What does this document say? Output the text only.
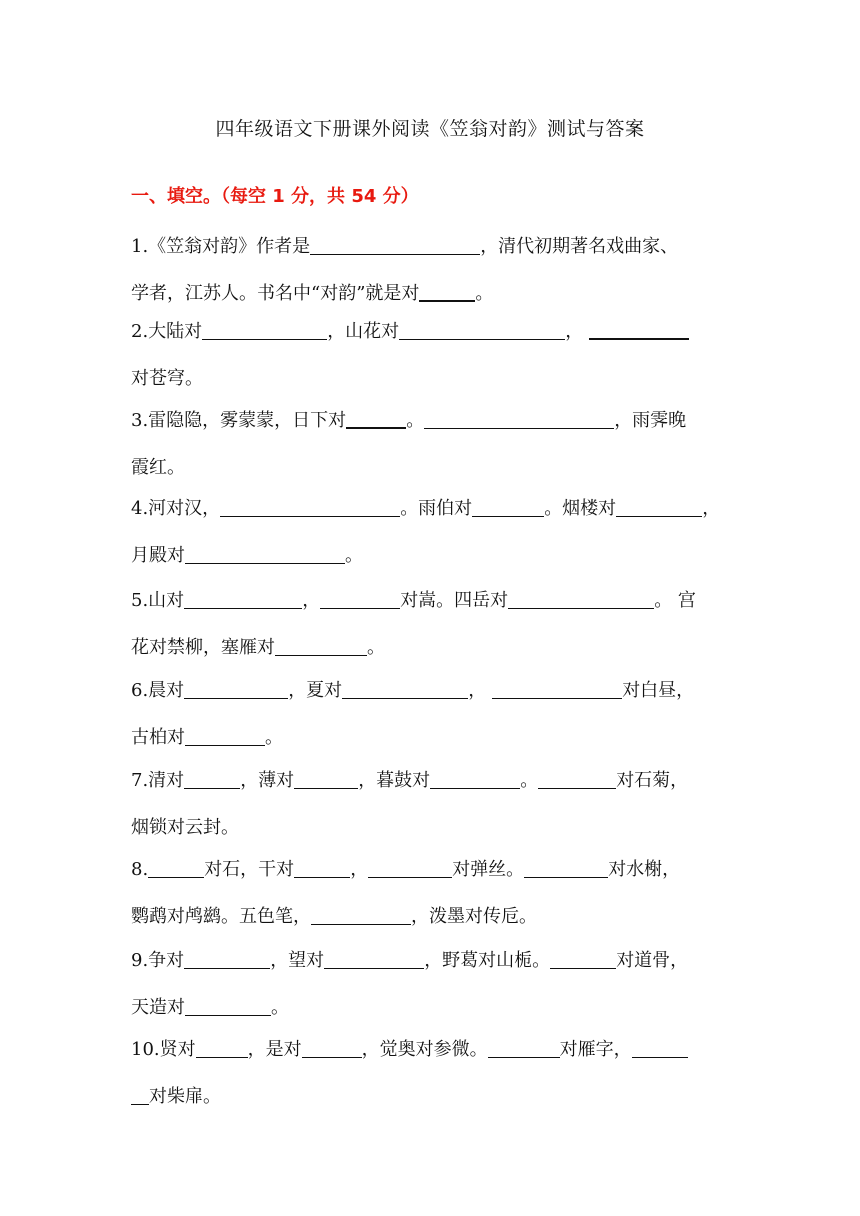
四年级语文下册课外阅读《笠翁对韵》测试与答案
一、填空。（每空 1 分，共 54 分）
1.《笠翁对韵》作者是	，清代初期著名戏曲家、
学者，江苏人。书名中“对韵”就是对	。
2.大陆对	，山花对	，
对苍穹。
3.雷隐隐，雾蒙蒙，日下对	。	，雨霁晚
霞红。
4.河对汉，	。雨伯对	。烟楼对	，
月殿对	。
5.山对	，	对嵩。四岳对	。 宫
花对禁柳，塞雁对	。
6.晨对	，夏对	，	对白昼，
古柏对	。
7.清对	，薄对	，暮鼓对	。	对石菊，
烟锁对云封。
8.	对石，干对	，	对弹丝。	对水榭，
鹦鹉对鸬鹚。五色笔，	，泼墨对传卮。
9.争对	，望对	，野葛对山栀。	对道骨，
天造对	。
10.贤对	，是对	，觉奥对参微。	对雁字，
对柴扉。
